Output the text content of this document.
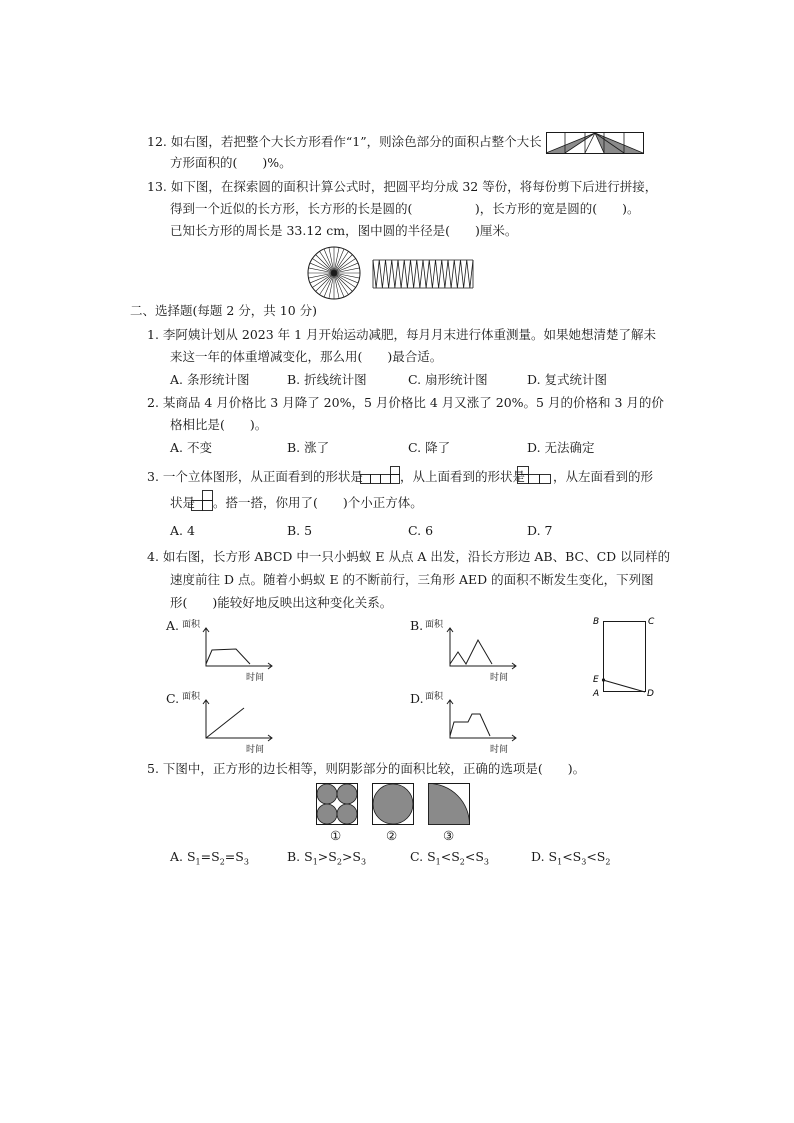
12. 如右图，若把整个大长方形看作“1”，则涂色部分的面积占整个大长
方形面积的(　　)%。
13. 如下图，在探索圆的面积计算公式时，把圆平均分成 32 等份，将每份剪下后进行拼接，
得到一个近似的长方形，长方形的长是圆的(　　　　　)，长方形的宽是圆的(　　)。
已知长方形的周长是 33.12 cm，图中圆的半径是(　　)厘米。
二、选择题(每题 2 分，共 10 分)
1. 李阿姨计划从 2023 年 1 月开始运动减肥，每月月末进行体重测量。如果她想清楚了解未
来这一年的体重增减变化，那么用(　　)最合适。
A. 条形统计图	B. 折线统计图	C. 扇形统计图	D. 复式统计图
2. 某商品 4 月价格比 3 月降了 20%，5 月价格比 4 月又涨了 20%。5 月的价格和 3 月的价
格相比是(　　)。
A. 不变	B. 涨了	C. 降了	D. 无法确定
3. 一个立体图形，从正面看到的形状是	，从上面看到的形状是 ，从左面看到的形
状是 。搭一搭，你用了(　　)个小正方体。
A. 4	B. 5	C. 6	D. 7
4. 如右图，长方形 ABCD 中一只小蚂蚁 E 从点 A 出发，沿长方形边 AB、BC、CD 以同样的
速度前往 D 点。随着小蚂蚁 E 的不断前行，三角形 AED 的面积不断发生变化，下列图
形(　　)能较好地反映出这种变化关系。
A. 面积
时间
B. 面积
时间
C. 面积
时间
D. 面积
时间
B	C
E
A	D
5. 下图中，正方形的边长相等，则阴影部分的面积比较，正确的选项是(　　)。
①	②	③
A. $S_1=S_2=S_3$	B. $S_1>S_2>S_3$	C. $S_1<S_2<S_3$	D. $S_1<S_3<S_2$
